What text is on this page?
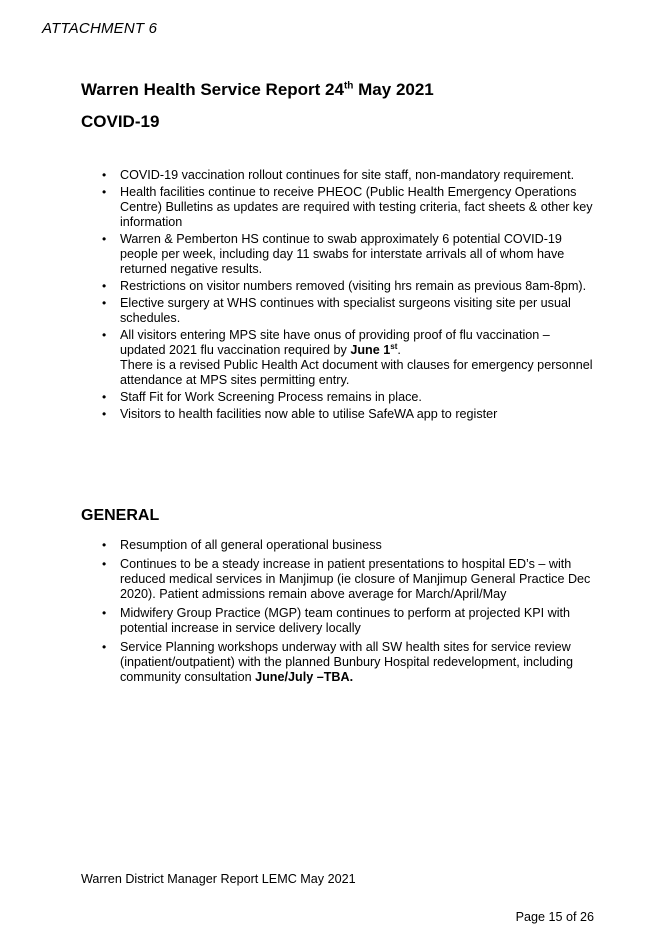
ATTACHMENT 6
Warren Health Service Report 24th May 2021
COVID-19
• COVID-19 vaccination rollout continues for site staff, non-mandatory requirement.
• Health facilities continue to receive PHEOC (Public Health Emergency Operations Centre) Bulletins as updates are required with testing criteria, fact sheets & other key information
• Warren & Pemberton HS continue to swab approximately 6 potential COVID-19 people per week, including day 11 swabs for interstate arrivals all of whom have returned negative results.
• Restrictions on visitor numbers removed (visiting hrs remain as previous 8am-8pm).
• Elective surgery at WHS continues with specialist surgeons visiting site per usual schedules.
• All visitors entering MPS site have onus of providing proof of flu vaccination – updated 2021 flu vaccination required by June 1st.
There is a revised Public Health Act document with clauses for emergency personnel attendance at MPS sites permitting entry.
• Staff Fit for Work Screening Process remains in place.
• Visitors to health facilities now able to utilise SafeWA app to register
GENERAL
• Resumption of all general operational business
• Continues to be a steady increase in patient presentations to hospital ED’s – with reduced medical services in Manjimup (ie closure of Manjimup General Practice Dec 2020). Patient admissions remain above average for March/April/May
• Midwifery Group Practice (MGP) team continues to perform at projected KPI with potential increase in service delivery locally
• Service Planning workshops underway with all SW health sites for service review (inpatient/outpatient) with the planned Bunbury Hospital redevelopment, including community consultation June/July –TBA.
Warren District Manager Report LEMC May 2021
Page 15 of 26
